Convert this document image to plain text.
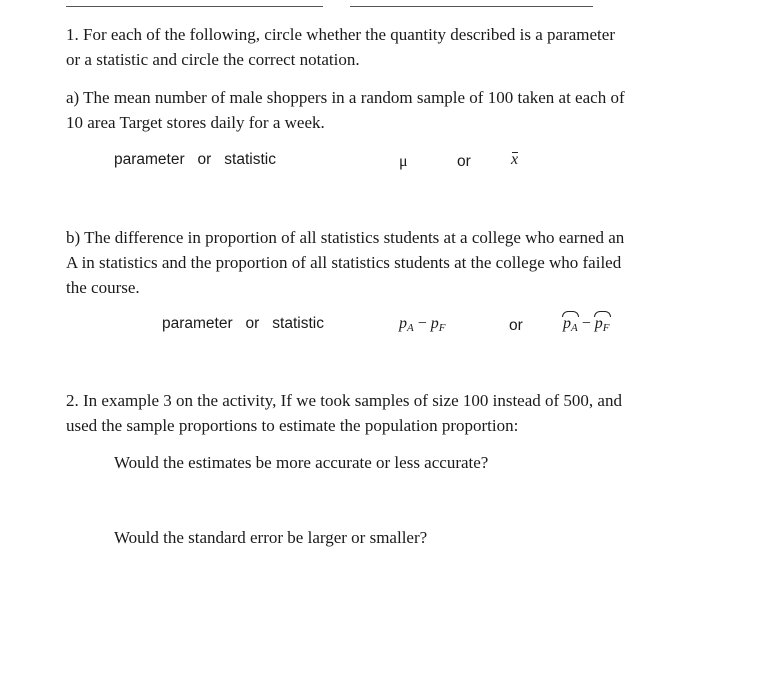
1. For each of the following, circle whether the quantity described is a parameter
or a statistic and circle the correct notation.

a) The mean number of male shoppers in a random sample of 100 taken at each of
10 area Target stores daily for a week.

parameter   or   statistic	μ	or	x

b) The difference in proportion of all statistics students at a college who earned an
A in statistics and the proportion of all statistics students at the college who failed
the course.

parameter   or   statistic	$p_A - p_F$	or	$p_A - p_F$

2. In example 3 on the activity, If we took samples of size 100 instead of 500, and
used the sample proportions to estimate the population proportion:

Would the estimates be more accurate or less accurate?
Would the standard error be larger or smaller?
